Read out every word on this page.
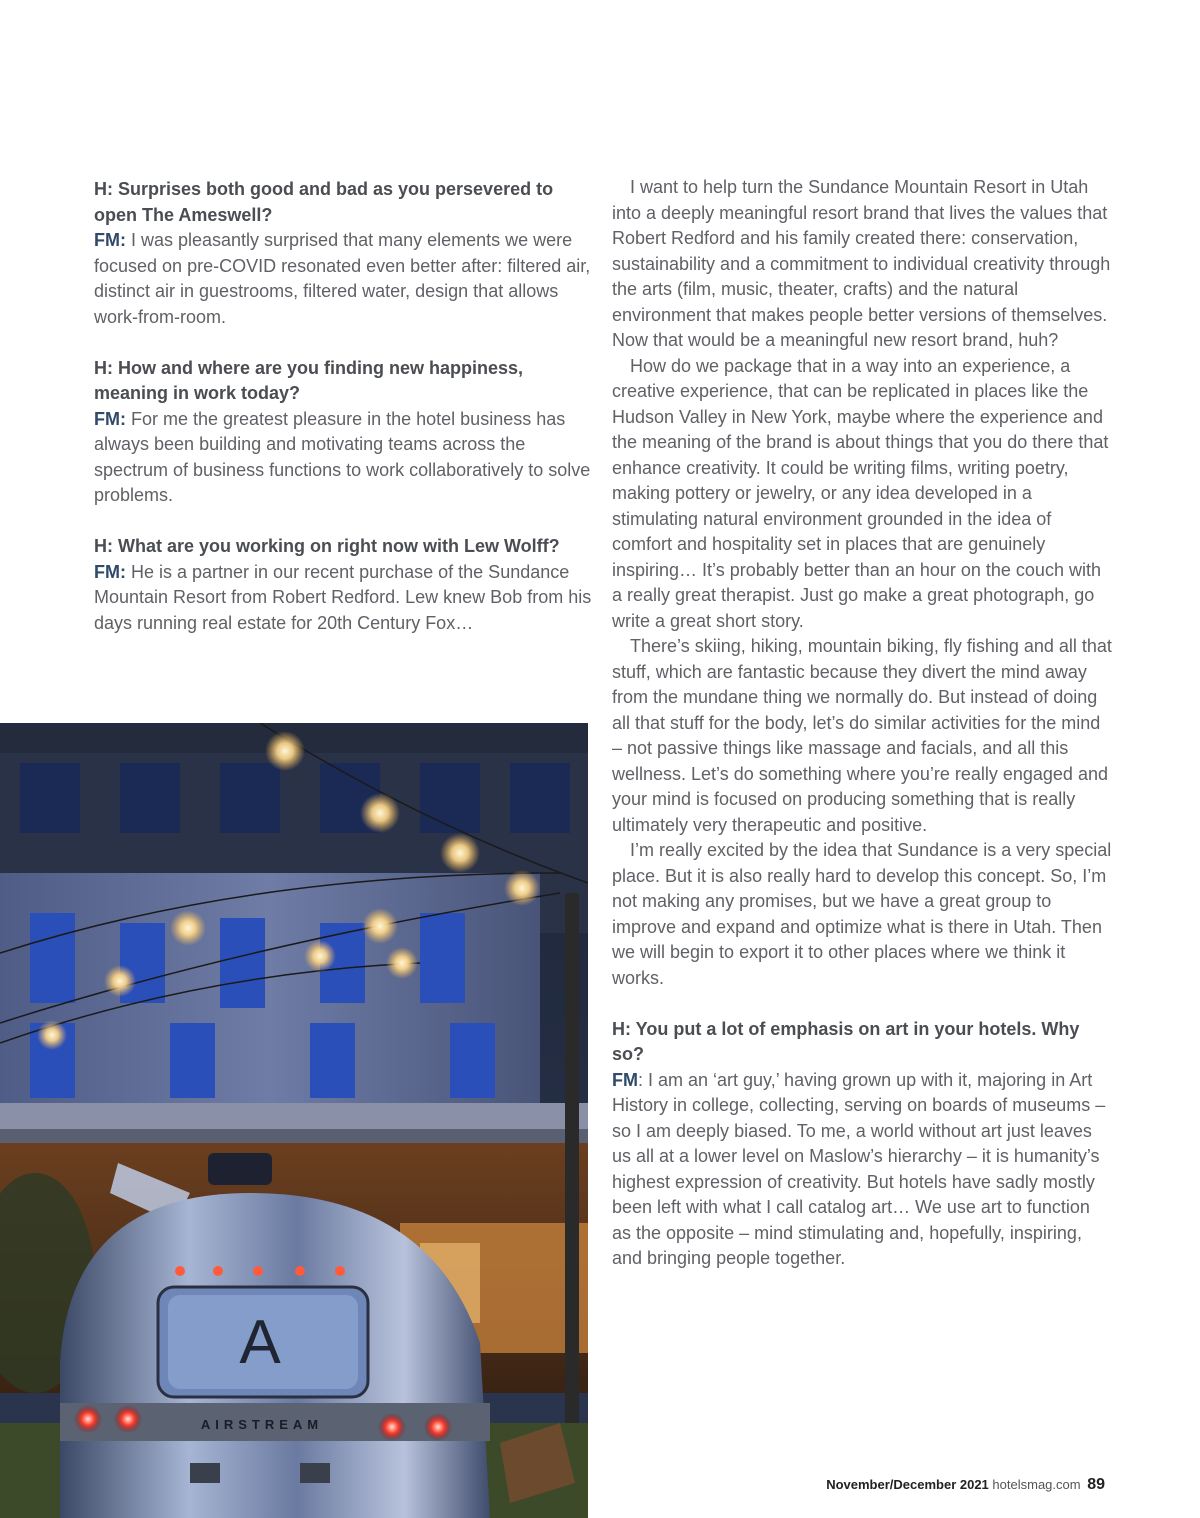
H: Surprises both good and bad as you persevered to open The Ameswell?
FM: I was pleasantly surprised that many elements we were focused on pre-COVID resonated even better after: filtered air, distinct air in guestrooms, filtered water, design that allows work-from-room.
H: How and where are you finding new happiness, meaning in work today?
FM: For me the greatest pleasure in the hotel business has always been building and motivating teams across the spectrum of business functions to work collaboratively to solve problems.
H: What are you working on right now with Lew Wolff?
FM: He is a partner in our recent purchase of the Sundance Mountain Resort from Robert Redford. Lew knew Bob from his days running real estate for 20th Century Fox…

I want to help turn the Sundance Mountain Resort in Utah into a deeply meaningful resort brand that lives the values that Robert Redford and his family created there: conservation, sustainability and a commitment to individual creativity through the arts (film, music, theater, crafts) and the natural environment that makes people better versions of themselves. Now that would be a meaningful new resort brand, huh?

How do we package that in a way into an experience, a creative experience, that can be replicated in places like the Hudson Valley in New York, maybe where the experience and the meaning of the brand is about things that you do there that enhance creativity. It could be writing films, writing poetry, making pottery or jewelry, or any idea developed in a stimulating natural environment grounded in the idea of comfort and hospitality set in places that are genuinely inspiring… It’s probably better than an hour on the couch with a really great therapist. Just go make a great photograph, go write a great short story.

There’s skiing, hiking, mountain biking, fly fishing and all that stuff, which are fantastic because they divert the mind away from the mundane thing we normally do. But instead of doing all that stuff for the body, let’s do similar activities for the mind – not passive things like massage and facials, and all this wellness. Let’s do something where you’re really engaged and your mind is focused on producing something that is really ultimately very therapeutic and positive.

I’m really excited by the idea that Sundance is a very special place. But it is also really hard to develop this concept. So, I’m not making any promises, but we have a great group to improve and expand and optimize what is there in Utah. Then we will begin to export it to other places where we think it works.

H: You put a lot of emphasis on art in your hotels. Why so?
FM: I am an ‘art guy,’ having grown up with it, majoring in Art History in college, collecting, serving on boards of museums – so I am deeply biased. To me, a world without art just leaves us all at a lower level on Maslow’s hierarchy – it is humanity’s highest expression of creativity. But hotels have sadly mostly been left with what I call catalog art… We use art to function as the opposite – mind stimulating and, hopefully, inspiring, and bringing people together.
A
AIRSTREAM
November/December 2021 hotelsmag.com 89
